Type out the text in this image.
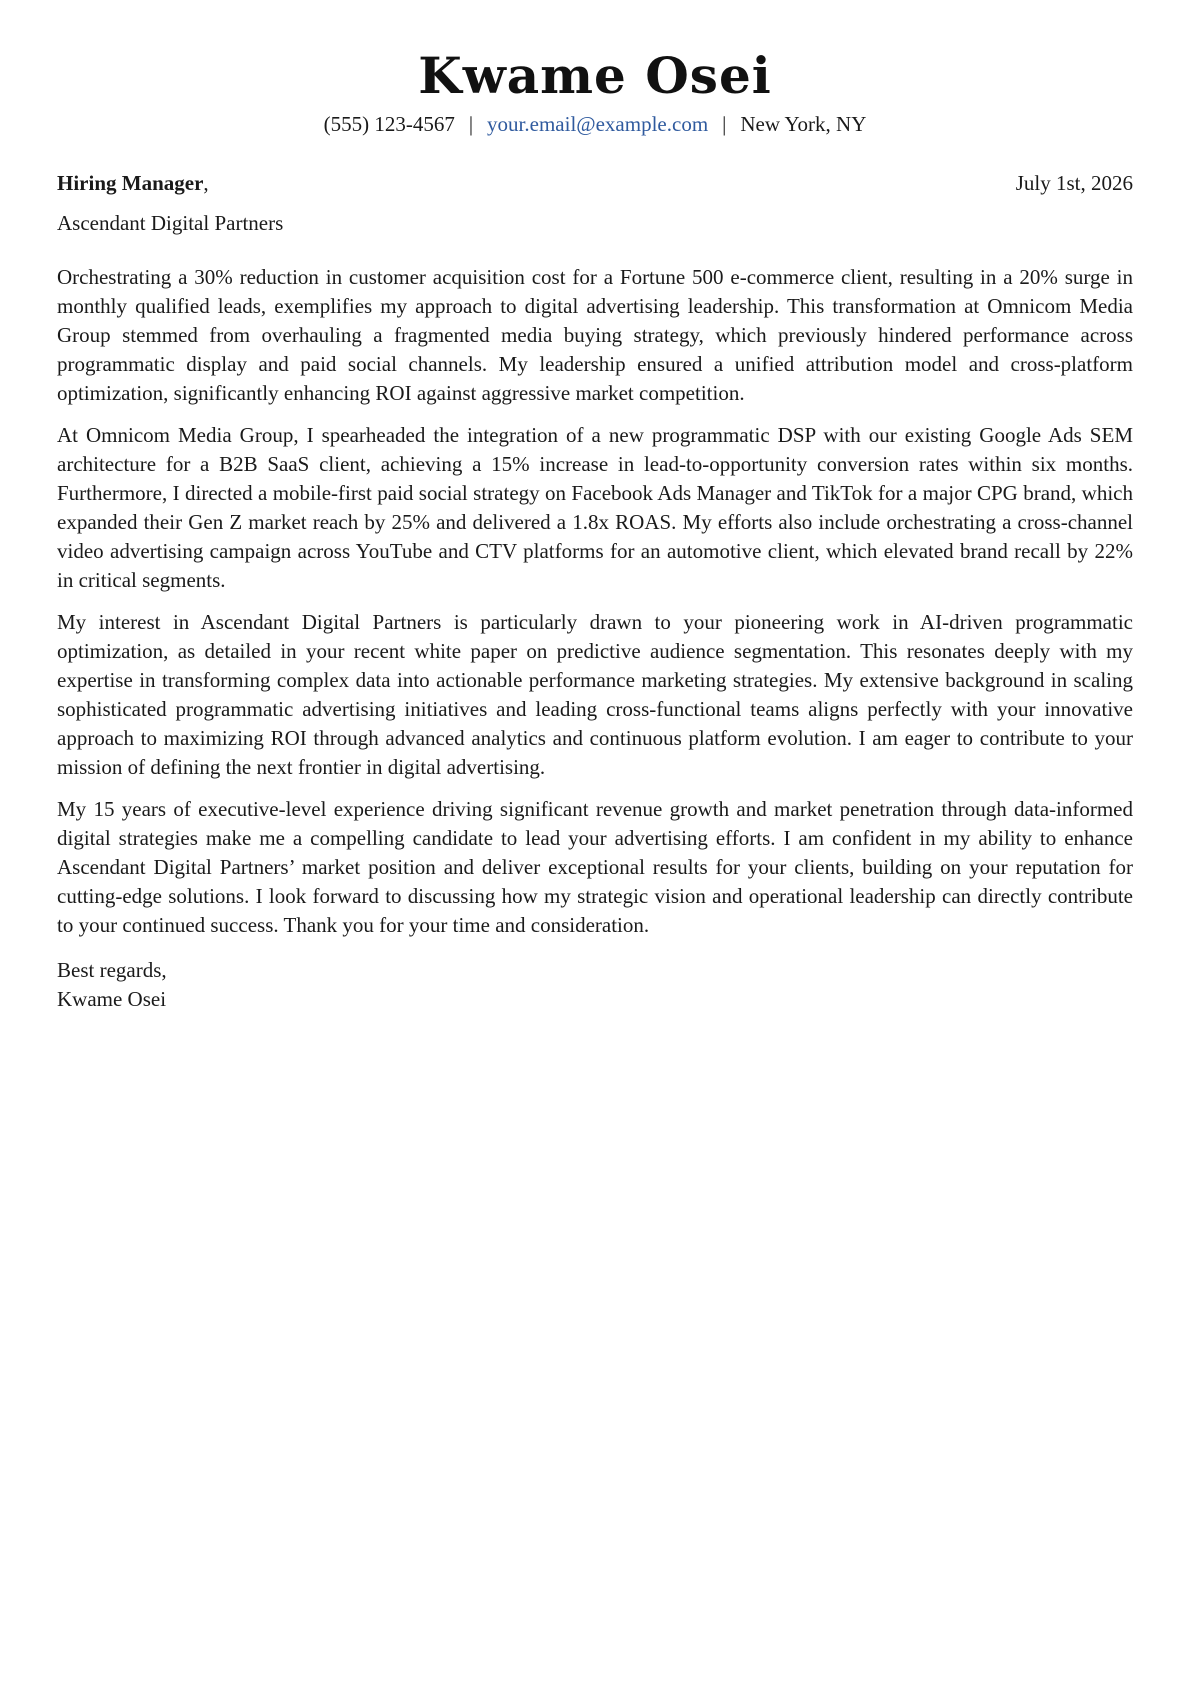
Kwame Osei
(555) 123-4567 | your.email@example.com | New York, NY
Hiring Manager,	July 1st, 2026
Ascendant Digital Partners

Orchestrating a 30% reduction in customer acquisition cost for a Fortune 500 e-commerce client, resulting in a 20% surge in monthly qualified leads, exemplifies my approach to digital advertising leadership. This transformation at Omnicom Media Group stemmed from overhauling a fragmented media buying strategy, which previously hindered performance across programmatic display and paid social channels. My leadership ensured a unified attribution model and cross-platform optimization, significantly enhancing ROI against aggressive market competition.

At Omnicom Media Group, I spearheaded the integration of a new programmatic DSP with our existing Google Ads SEM architecture for a B2B SaaS client, achieving a 15% increase in lead-to-opportunity conversion rates within six months. Furthermore, I directed a mobile-first paid social strategy on Facebook Ads Manager and TikTok for a major CPG brand, which expanded their Gen Z market reach by 25% and delivered a 1.8x ROAS. My efforts also include orchestrating a cross-channel video advertising campaign across YouTube and CTV platforms for an automotive client, which elevated brand recall by 22% in critical segments.

My interest in Ascendant Digital Partners is particularly drawn to your pioneering work in AI-driven programmatic optimization, as detailed in your recent white paper on predictive audience segmentation. This resonates deeply with my expertise in transforming complex data into actionable performance marketing strategies. My extensive background in scaling sophisticated programmatic advertising initiatives and leading cross-functional teams aligns perfectly with your innovative approach to maximizing ROI through advanced analytics and continuous platform evolution. I am eager to contribute to your mission of defining the next frontier in digital advertising.

My 15 years of executive-level experience driving significant revenue growth and market penetration through data-informed digital strategies make me a compelling candidate to lead your advertising efforts. I am confident in my ability to enhance Ascendant Digital Partners’ market position and deliver exceptional results for your clients, building on your reputation for cutting-edge solutions. I look forward to discussing how my strategic vision and operational leadership can directly contribute to your continued success. Thank you for your time and consideration.

Best regards,
Kwame Osei
